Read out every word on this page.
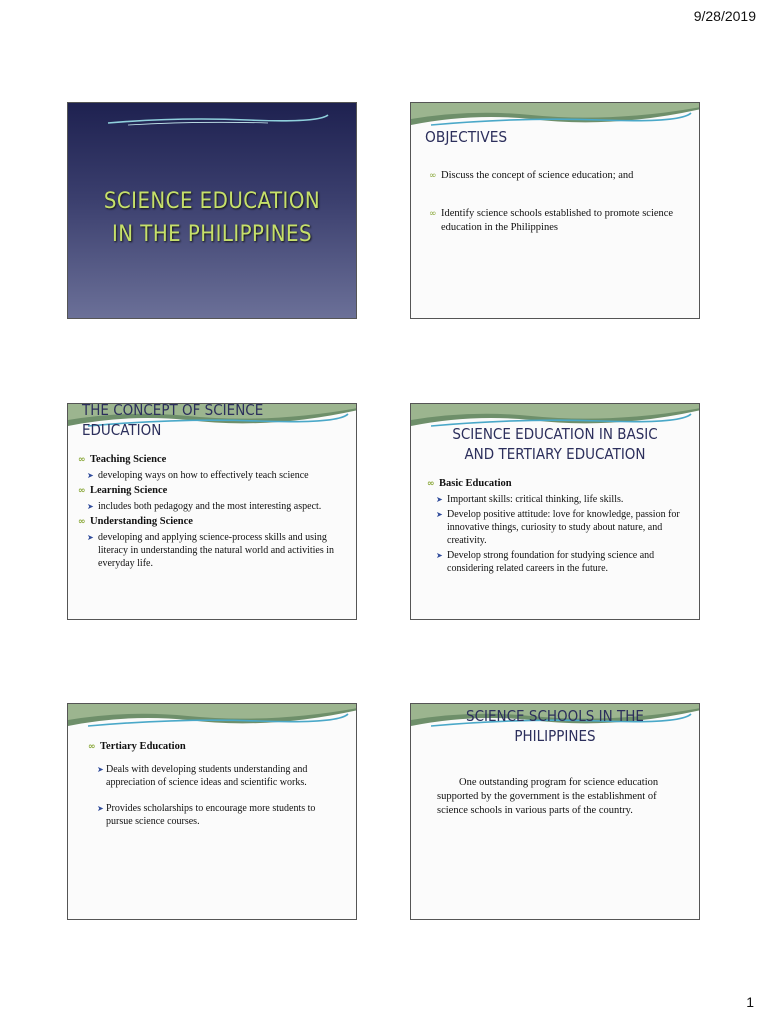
9/28/2019
SCIENCE EDUCATION
IN THE PHILIPPINES
OBJECTIVES
∞ Discuss the concept of science education; and
∞ Identify science schools established to promote science education in the Philippines
THE CONCEPT OF SCIENCE
EDUCATION
∞ Teaching Science
➤ developing ways on how to effectively teach science
∞ Learning Science
➤ includes both pedagogy and the most interesting aspect.
∞ Understanding Science
➤ developing and applying science-process skills and using literacy in understanding the natural world and activities in everyday life.
SCIENCE EDUCATION IN BASIC
AND TERTIARY EDUCATION
∞ Basic Education
➤ Important skills: critical thinking, life skills.
➤ Develop positive attitude: love for knowledge, passion for innovative things, curiosity to study about nature, and creativity.
➤ Develop strong foundation for studying science and considering related careers in the future.
∞ Tertiary Education
➤ Deals with developing students understanding and appreciation of science ideas and scientific works.
➤ Provides scholarships to encourage more students to pursue science courses.
SCIENCE SCHOOLS IN THE
PHILIPPINES
One outstanding program for science education supported by the government is the establishment of science schools in various parts of the country.
1
